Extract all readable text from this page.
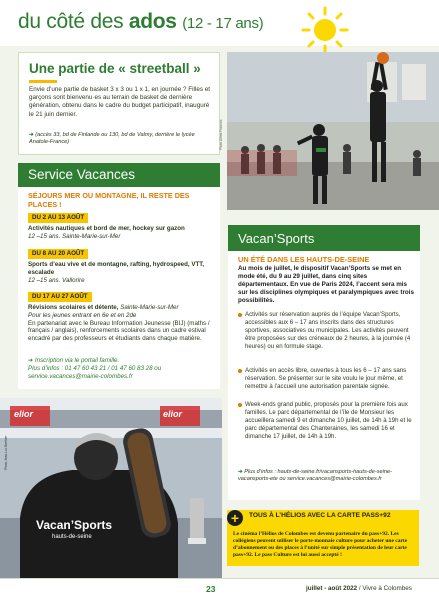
du côté des ados (12 - 17 ans)
Une partie de « streetball »
Envie d’une partie de basket 3 x 3 ou 1 x 1, en journée ? Filles et garçons sont bienvenu·es au terrain de basket de dernière génération, obtenu dans le cadre du budget participatif, inauguré le 21 juin dernier.
➔ (accès 33, bd de Finlande ou 130, bd de Valmy, derrière le lycée Anatole-France)	Photo Alfred Francois
Service Vacances
SÉJOURS MER OU MONTAGNE, IL RESTE DES PLACES !
DU 2 AU 13 AOÛT
Activités nautiques et bord de mer, hockey sur gazon
12 –15 ans. Sainte-Marie-sur-Mer
DU 8 AU 20 AOÛT
Sports d’eau vive et de montagne, rafting, hydrospeed, VTT, escalade
12 –15 ans. Vallorire
DU 17 AU 27 AOÛT
Révisions scolaires et détente, Sainte-Marie-sur-Mer
Pour les jeunes entrant en 6e et en 2de
En partenariat avec le Bureau Information Jeunesse (BIJ) (maths / français / anglais), renforcements scolaires dans un cadre estival encadré par des professeurs et étudiants dans chaque matière.
➔ Inscription via le portail famille.
Plus d’infos : 01 47 60 43 21 / 01 47 60 83 28 ou service.vacances@mairie-colombes.fr
Vacan’Sports
UN ÉTÉ DANS LES HAUTS-DE-SEINE
Au mois de juillet, le dispositif Vacan’Sports se met en mode été, du 9 au 29 juillet, dans cinq sites départementaux. En vue de Paris 2024, l’accent sera mis sur les disciplines olympiques et paralympiques avec trois possibilités.
Activités sur réservation auprès de l’équipe Vacan’Sports, accessibles aux 6 – 17 ans inscrits dans des structures sportives, associatives ou municipales. Les activités peuvent être proposées sur des créneaux de 2 heures, à la journée (4 heures) ou en formule stage.
Activités en accès libre, ouvertes à tous les 6 – 17 ans sans réservation. Se présenter sur le site voulu le jour même, et remettre à l’accueil une autorisation parentale signée.
Week-ends grand public, proposés pour la première fois aux familles. Le parc départemental de l’île de Monsieur les accueillera samedi 9 et dimanche 10 juillet, de 14h à 19h et le parc départemental des Chanteraines, les samedi 16 et dimanche 17 juillet, de 14h à 19h.
➔ Plus d’infos : hauts-de-seine.fr/vacansports-hauts-de-seine-vacansports-ete ou service.vacances@mairie-colombes.fr
elior	elior
Vacan’Sports
hauts-de-seine
Photo Jean-Luc Berthier
+	TOUS À L’HÉLIOS AVEC LA CARTE PASS+92
Le cinéma l’Hélios de Colombes est devenu partenaire du pass+92. Les collégiens peuvent utiliser le porte-monnaie culture pour acheter une carte d’abonnement ou des places à l’unité sur simple présentation de leur carte pass+92. Le pass Culture est lui aussi accepté !
23	juillet - août 2022 / Vivre à Colombes
